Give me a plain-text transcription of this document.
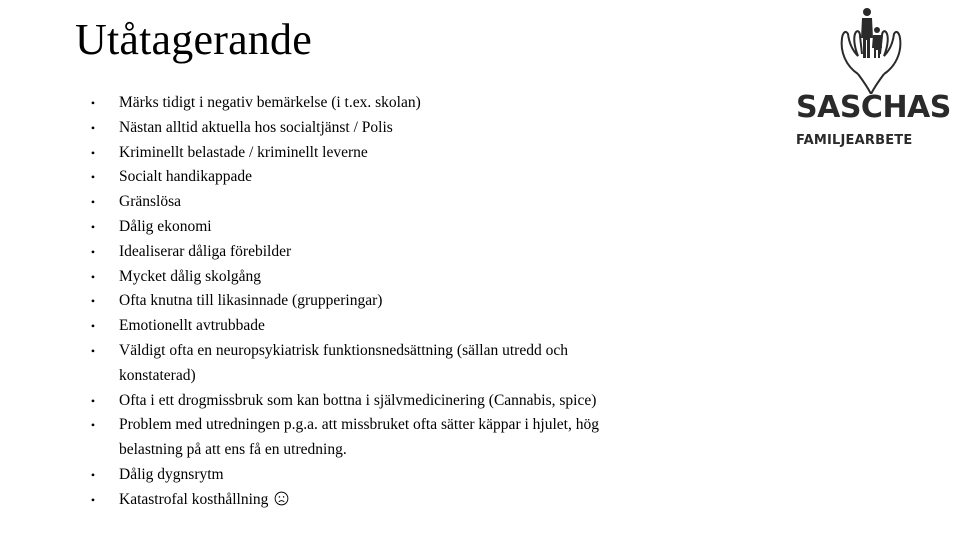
Utåtagerande
•	Märks tidigt i negativ bemärkelse (i t.ex. skolan)
•	Nästan alltid aktuella hos socialtjänst / Polis
•	Kriminellt belastade / kriminellt leverne
•	Socialt handikappade
•	Gränslösa
•	Dålig ekonomi
•	Idealiserar dåliga förebilder
•	Mycket dålig skolgång
•	Ofta knutna till likasinnade (grupperingar)
•	Emotionellt avtrubbade
•	Väldigt ofta en neuropsykiatrisk funktionsnedsättning (sällan utredd och konstaterad)
•	Ofta i ett drogmissbruk som kan bottna i självmedicinering (Cannabis, spice)
•	Problem med utredningen p.g.a. att missbruket ofta sätter käppar i hjulet, hög belastning på att ens få en utredning.
•	Dålig dygnsrytm
•	Katastrofal kosthållning
SASCHAS
FAMILJEARBETE
